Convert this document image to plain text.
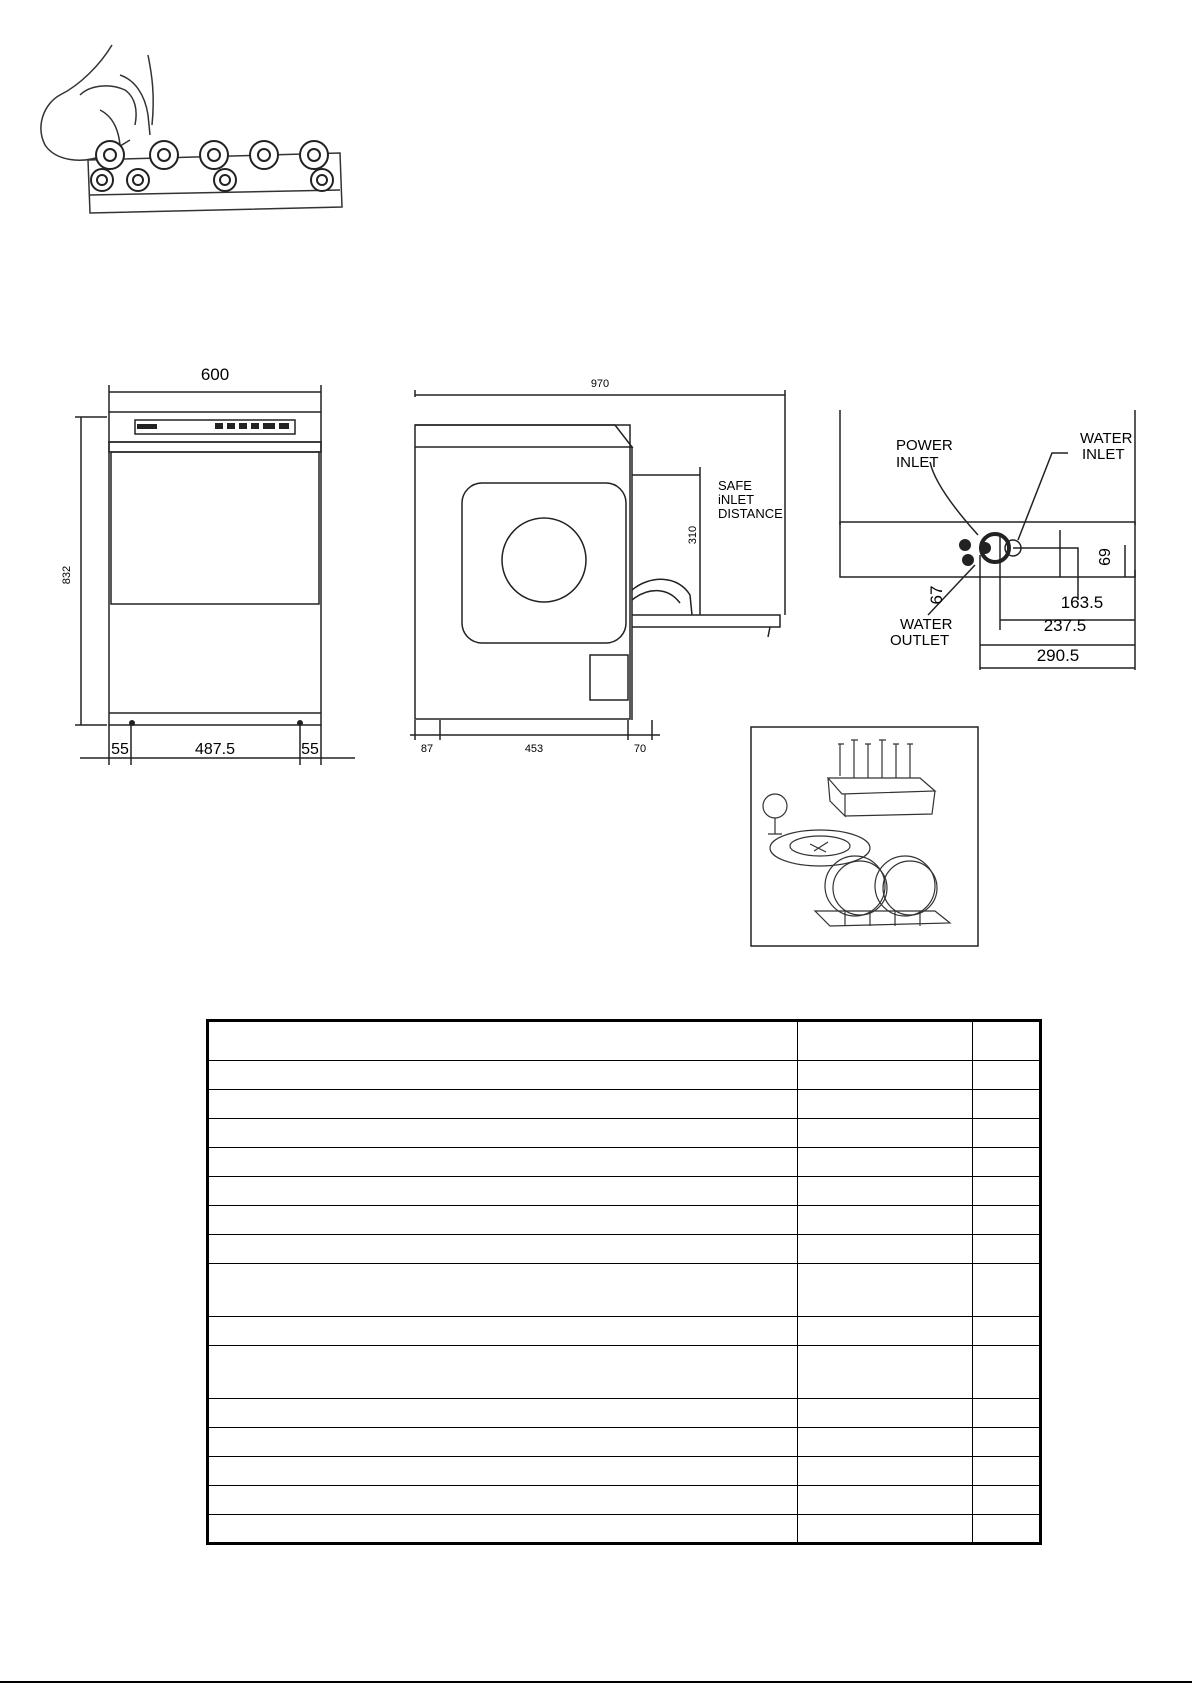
600
832
55	487.5	55
970
310
SAFE
iNLET
DISTANCE
87	453	70
POWER
INLET
WATER
INLET
WATER
OUTLET
163.5
237.5
290.5
67
69
